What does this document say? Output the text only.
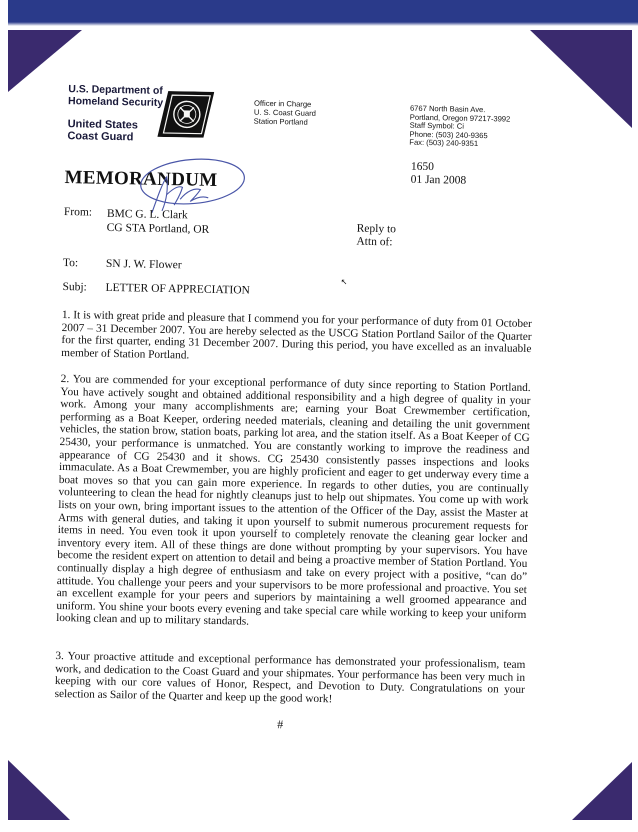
U.S. Department of
Homeland Security
United States
Coast Guard
Officer in Charge
U. S. Coast Guard
Station Portland
6767 North Basin Ave.
Portland, Oregon 97217-3992
Staff Symbol: Ci
Phone: (503) 240-9365
Fax: (503) 240-9351
MEMORANDUM
1650
01 Jan 2008
From: BMC G. L. Clark
CG STA Portland, OR	Reply to
Attn of:
To: SN J. W. Flower
↖
Subj: LETTER OF APPRECIATION
1. It is with great pride and pleasure that I commend you for your performance of duty from 01 October 2007 – 31 December 2007. You are hereby selected as the USCG Station Portland Sailor of the Quarter for the first quarter, ending 31 December 2007. During this period, you have excelled as an invaluable member of Station Portland.
2. You are commended for your exceptional performance of duty since reporting to Station Portland. You have actively sought and obtained additional responsibility and a high degree of quality in your work. Among your many accomplishments are; earning your Boat Crewmember certification, performing as a Boat Keeper, ordering needed materials, cleaning and detailing the unit government vehicles, the station brow, station boats, parking lot area, and the station itself. As a Boat Keeper of CG 25430, your performance is unmatched. You are constantly working to improve the readiness and appearance of CG 25430 and it shows. CG 25430 consistently passes inspections and looks immaculate. As a Boat Crewmember, you are highly proficient and eager to get underway every time a boat moves so that you can gain more experience. In regards to other duties, you are continually volunteering to clean the head for nightly cleanups just to help out shipmates. You come up with work lists on your own, bring important issues to the attention of the Officer of the Day, assist the Master at Arms with general duties, and taking it upon yourself to submit numerous procurement requests for items in need. You even took it upon yourself to completely renovate the cleaning gear locker and inventory every item. All of these things are done without prompting by your supervisors. You have become the resident expert on attention to detail and being a proactive member of Station Portland. You continually display a high degree of enthusiasm and take on every project with a positive, “can do” attitude. You challenge your peers and your supervisors to be more professional and proactive. You set an excellent example for your peers and superiors by maintaining a well groomed appearance and uniform. You shine your boots every evening and take special care while working to keep your uniform looking clean and up to military standards.
3. Your proactive attitude and exceptional performance has demonstrated your professionalism, team work, and dedication to the Coast Guard and your shipmates. Your performance has been very much in keeping with our core values of Honor, Respect, and Devotion to Duty. Congratulations on your selection as Sailor of the Quarter and keep up the good work!
#
